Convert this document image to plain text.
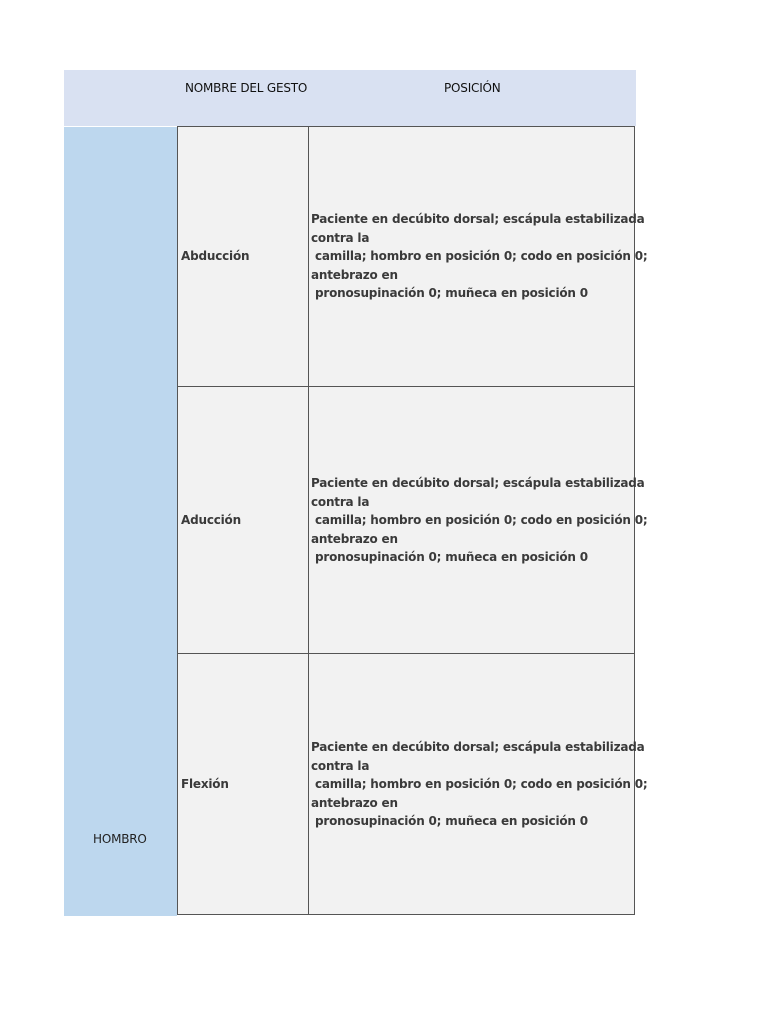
NOMBRE DEL GESTO	POSICIÓN
HOMBRO
Abducción
Paciente en decúbito dorsal; escápula estabilizada
contra la
camilla; hombro en posición 0; codo en posición 0;
antebrazo en
pronosupinación 0; muñeca en posición 0
Aducción
Paciente en decúbito dorsal; escápula estabilizada
contra la
camilla; hombro en posición 0; codo en posición 0;
antebrazo en
pronosupinación 0; muñeca en posición 0
Flexión
Paciente en decúbito dorsal; escápula estabilizada
contra la
camilla; hombro en posición 0; codo en posición 0;
antebrazo en
pronosupinación 0; muñeca en posición 0
